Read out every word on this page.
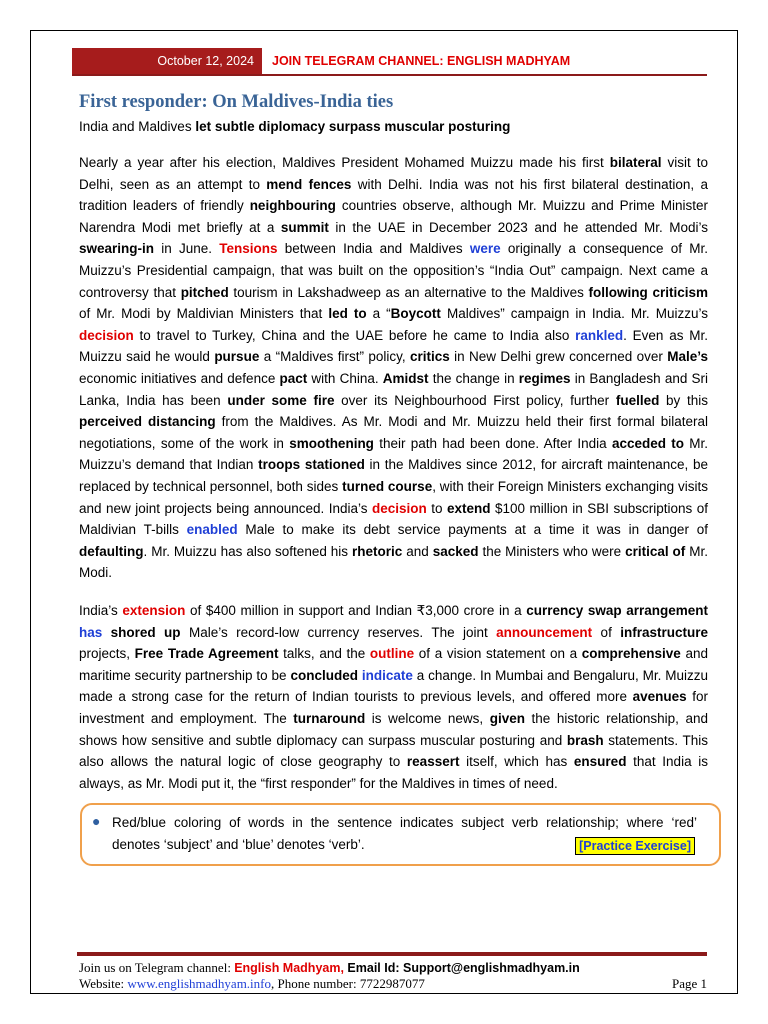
October 12, 2024	JOIN TELEGRAM CHANNEL: ENGLISH MADHYAM
First responder: On Maldives-India ties
India and Maldives let subtle diplomacy surpass muscular posturing
Nearly a year after his election, Maldives President Mohamed Muizzu made his first bilateral visit to Delhi, seen as an attempt to mend fences with Delhi. India was not his first bilateral destination, a tradition leaders of friendly neighbouring countries observe, although Mr. Muizzu and Prime Minister Narendra Modi met briefly at a summit in the UAE in December 2023 and he attended Mr. Modi’s swearing-in in June. Tensions between India and Maldives were originally a consequence of Mr. Muizzu’s Presidential campaign, that was built on the opposition’s “India Out” campaign. Next came a controversy that pitched tourism in Lakshadweep as an alternative to the Maldives following criticism of Mr. Modi by Maldivian Ministers that led to a “Boycott Maldives” campaign in India. Mr. Muizzu’s decision to travel to Turkey, China and the UAE before he came to India also rankled. Even as Mr. Muizzu said he would pursue a “Maldives first” policy, critics in New Delhi grew concerned over Male’s economic initiatives and defence pact with China. Amidst the change in regimes in Bangladesh and Sri Lanka, India has been under some fire over its Neighbourhood First policy, further fuelled by this perceived distancing from the Maldives. As Mr. Modi and Mr. Muizzu held their first formal bilateral negotiations, some of the work in smoothening their path had been done. After India acceded to Mr. Muizzu’s demand that Indian troops stationed in the Maldives since 2012, for aircraft maintenance, be replaced by technical personnel, both sides turned course, with their Foreign Ministers exchanging visits and new joint projects being announced. India’s decision to extend $100 million in SBI subscriptions of Maldivian T-bills enabled Male to make its debt service payments at a time it was in danger of defaulting. Mr. Muizzu has also softened his rhetoric and sacked the Ministers who were critical of Mr. Modi.
India’s extension of $400 million in support and Indian ₹3,000 crore in a currency swap arrangement has shored up Male’s record-low currency reserves. The joint announcement of infrastructure projects, Free Trade Agreement talks, and the outline of a vision statement on a comprehensive and maritime security partnership to be concluded indicate a change. In Mumbai and Bengaluru, Mr. Muizzu made a strong case for the return of Indian tourists to previous levels, and offered more avenues for investment and employment. The turnaround is welcome news, given the historic relationship, and shows how sensitive and subtle diplomacy can surpass muscular posturing and brash statements. This also allows the natural logic of close geography to reassert itself, which has ensured that India is always, as Mr. Modi put it, the “first responder” for the Maldives in times of need.
● Red/blue coloring of words in the sentence indicates subject verb relationship; where ‘red’ denotes ‘subject’ and ‘blue’ denotes ‘verb’.	[Practice Exercise]
Join us on Telegram channel: English Madhyam, Email Id: Support@englishmadhyam.in
Website: www.englishmadhyam.info, Phone number: 7722987077	Page 1
